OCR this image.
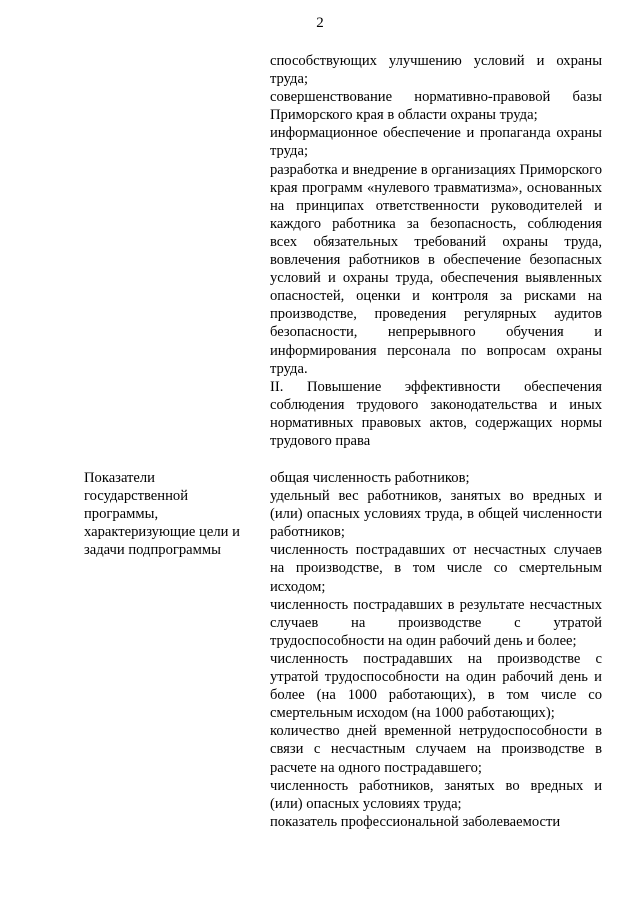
2

способствующих улучшению условий и охраны труда;

совершенствование нормативно-правовой базы Приморского края в области охраны труда;

информационное обеспечение и пропаганда охраны труда;

разработка и внедрение в организациях Приморского края программ «нулевого травматизма», основанных на принципах ответственности руководителей и каждого работника за безопасность, соблюдения всех обязательных требований охраны труда, вовлечения работников в обеспечение безопасных условий и охраны труда, обеспечения выявленных опасностей, оценки и контроля за рисками на производстве, проведения регулярных аудитов безопасности, непрерывного обучения и информирования персонала по вопросам охраны труда.

II. Повышение эффективности обеспечения соблюдения трудового законодательства и иных нормативных правовых актов, содержащих нормы трудового права

Показатели
государственной
программы,
характеризующие цели и
задачи подпрограммы

общая численность работников;

удельный вес работников, занятых во вредных и (или) опасных условиях труда, в общей численности работников;

численность пострадавших от несчастных случаев на производстве, в том числе со смертельным исходом;

численность пострадавших в результате несчастных случаев на производстве с утратой трудоспособности на один рабочий день и более;

численность пострадавших на производстве с утратой трудоспособности на один рабочий день и более (на 1000 работающих), в том числе со смертельным исходом (на 1000 работающих);

количество дней временной нетрудоспособности в связи с несчастным случаем на производстве в расчете на одного пострадавшего;

численность работников, занятых во вредных и (или) опасных условиях труда;

показатель профессиональной заболеваемости
